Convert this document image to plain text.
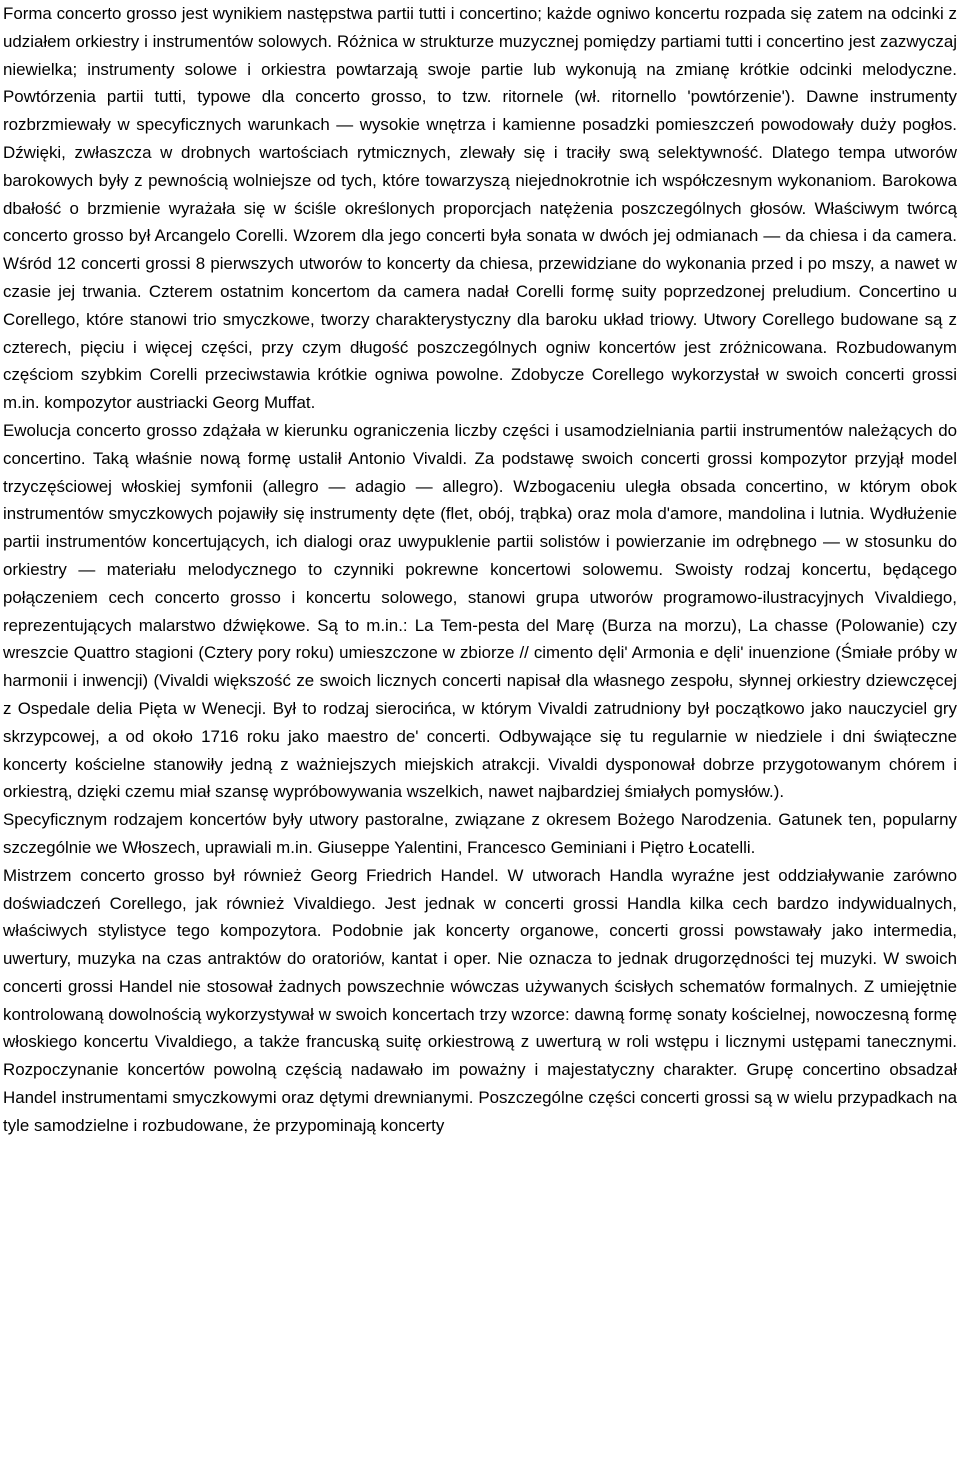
Forma concerto grosso jest wynikiem następstwa partii tutti i concertino; każde ogniwo koncertu rozpada się zatem na odcinki z udziałem orkiestry i instrumentów solowych. Różnica w strukturze muzycznej pomiędzy partiami tutti i concertino jest zazwyczaj niewielka; instrumenty solowe i orkiestra powtarzają swoje partie lub wykonują na zmianę krótkie odcinki melodyczne. Powtórzenia partii tutti, typowe dla concerto grosso, to tzw. ritornele (wł. ritornello 'powtórzenie'). Dawne instrumenty rozbrzmiewały w specyficznych warunkach — wysokie wnętrza i kamienne posadzki pomieszczeń powodowały duży pogłos. Dźwięki, zwłaszcza w drobnych wartościach rytmicznych, zlewały się i traciły swą selektywność. Dlatego tempa utworów barokowych były z pewnością wolniejsze od tych, które towarzyszą niejednokrotnie ich współczesnym wykonaniom. Barokowa dbałość o brzmienie wyrażała się w ściśle określonych proporcjach natężenia poszczególnych głosów. Właściwym twórcą concerto grosso był Arcangelo Corelli. Wzorem dla jego concerti była sonata w dwóch jej odmianach — da chiesa i da camera. Wśród 12 concerti grossi 8 pierwszych utworów to koncerty da chiesa, przewidziane do wykonania przed i po mszy, a nawet w czasie jej trwania. Czterem ostatnim koncertom da camera nadał Corelli formę suity poprzedzonej preludium. Concertino u Corellego, które stanowi trio smyczkowe, tworzy charakterystyczny dla baroku układ triowy. Utwory Corellego budowane są z czterech, pięciu i więcej części, przy czym długość poszczególnych ogniw koncertów jest zróżnicowana. Rozbudowanym częściom szybkim Corelli przeciwstawia krótkie ogniwa powolne. Zdobycze Corellego wykorzystał w swoich concerti grossi m.in. kompozytor austriacki Georg Muffat.

Ewolucja concerto grosso zdążała w kierunku ograniczenia liczby części i usamodzielniania partii instrumentów należących do concertino. Taką właśnie nową formę ustalił Antonio Vivaldi. Za podstawę swoich concerti grossi kompozytor przyjął model trzyczęściowej włoskiej symfonii (allegro — adagio — allegro). Wzbogaceniu uległa obsada concertino, w którym obok instrumentów smyczkowych pojawiły się instrumenty dęte (flet, obój, trąbka) oraz mola d'amore, mandolina i lutnia. Wydłużenie partii instrumentów koncertujących, ich dialogi oraz uwypuklenie partii solistów i powierzanie im odrębnego — w stosunku do orkiestry — materiału melodycznego to czynniki pokrewne koncertowi solowemu. Swoisty rodzaj koncertu, będącego połączeniem cech concerto grosso i koncertu solowego, stanowi grupa utworów programowo-ilustracyjnych Vivaldiego, reprezentujących malarstwo dźwiękowe. Są to m.in.: La Tem-pesta del Marę (Burza na morzu), La chasse (Polowanie) czy wreszcie Quattro stagioni (Cztery pory roku) umieszczone w zbiorze // cimento dęli' Armonia e dęli' inuenzione (Śmiałe próby w harmonii i inwencji) (Vivaldi większość ze swoich licznych concerti napisał dla własnego zespołu, słynnej orkiestry dziewczęcej z Ospedale delia Pięta w Wenecji. Był to rodzaj sierocińca, w którym Vivaldi zatrudniony był początkowo jako nauczyciel gry skrzypcowej, a od około 1716 roku jako maestro de' concerti. Odbywające się tu regularnie w niedziele i dni świąteczne koncerty kościelne stanowiły jedną z ważniejszych miejskich atrakcji. Vivaldi dysponował dobrze przygotowanym chórem i orkiestrą, dzięki czemu miał szansę wypróbowywania wszelkich, nawet najbardziej śmiałych pomysłów.).

Specyficznym rodzajem koncertów były utwory pastoralne, związane z okresem Bożego Narodzenia. Gatunek ten, popularny szczególnie we Włoszech, uprawiali m.in. Giuseppe Yalentini, Francesco Geminiani i Piętro Łocatelli.

Mistrzem concerto grosso był również Georg Friedrich Handel. W utworach Handla wyraźne jest oddziaływanie zarówno doświadczeń Corellego, jak również Vivaldiego. Jest jednak w concerti grossi Handla kilka cech bardzo indywidualnych, właściwych stylistyce tego kompozytora. Podobnie jak koncerty organowe, concerti grossi powstawały jako intermedia, uwertury, muzyka na czas antraktów do oratoriów, kantat i oper. Nie oznacza to jednak drugorzędności tej muzyki. W swoich concerti grossi Handel nie stosował żadnych powszechnie wówczas używanych ścisłych schematów formalnych. Z umiejętnie kontrolowaną dowolnością wykorzystywał w swoich koncertach trzy wzorce: dawną formę sonaty kościelnej, nowoczesną formę włoskiego koncertu Vivaldiego, a także francuską suitę orkiestrową z uwerturą w roli wstępu i licznymi ustępami tanecznymi. Rozpoczynanie koncertów powolną częścią nadawało im poważny i majestatyczny charakter. Grupę concertino obsadzał Handel instrumentami smyczkowymi oraz dętymi drewnianymi. Poszczególne części concerti grossi są w wielu przypadkach na tyle samodzielne i rozbudowane, że przypominają koncerty
